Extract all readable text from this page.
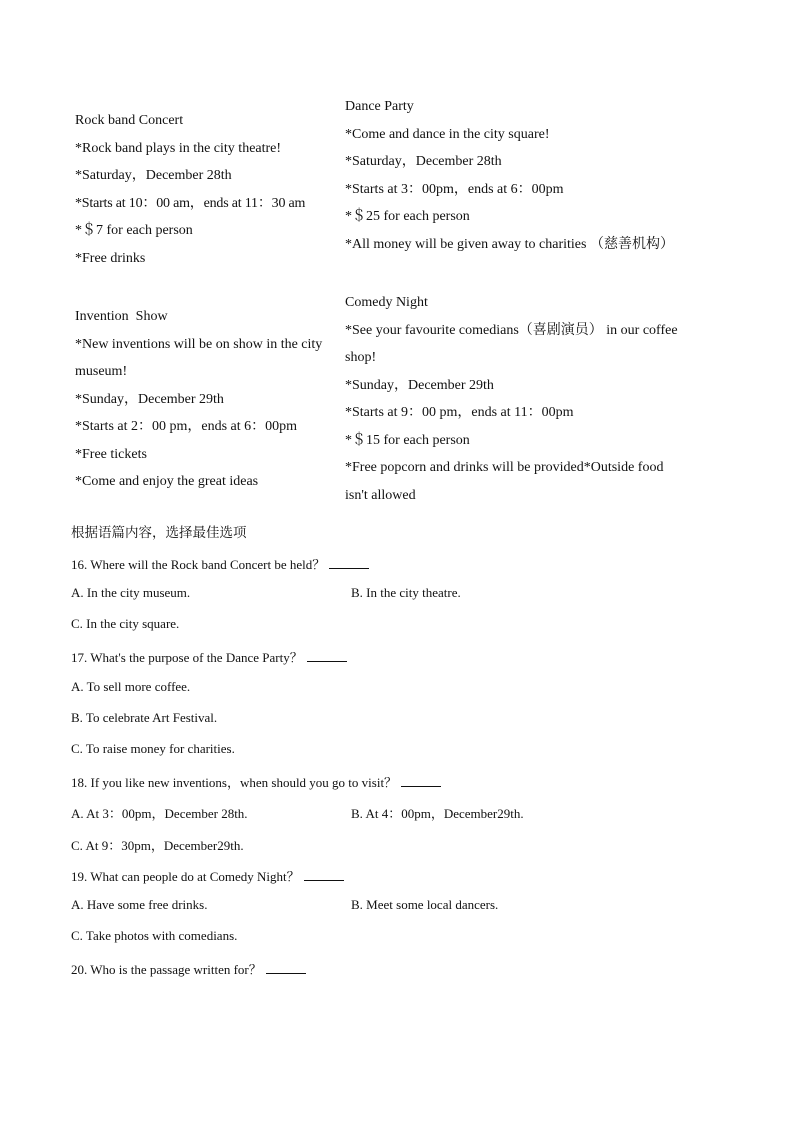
Rock band Concert
*Rock band plays in the city theatre!
*Saturday，December 28th
*Starts at 10：00 am，ends at 11：30 am
*＄7 for each person
*Free drinks
Dance Party
*Come and dance in the city square!
*Saturday，December 28th
*Starts at 3：00pm，ends at 6：00pm
*＄25 for each person
*All money will be given away to charities （慈善机构）
Invention  Show
*New inventions will be on show in the city museum!
*Sunday，December 29th
*Starts at 2：00 pm，ends at 6：00pm
*Free tickets
*Come and enjoy the great ideas
Comedy Night
*See your favourite comedians（喜剧演员） in our coffee shop!
*Sunday，December 29th
*Starts at 9：00 pm，ends at 11：00pm
*＄15 for each person
*Free popcorn and drinks will be provided*Outside food isn't allowed
根据语篇内容，选择最佳选项
16. Where will the Rock band Concert be held？
A. In the city museum.	B. In the city theatre.
C. In the city square.
17. What's the purpose of the Dance Party？
A. To sell more coffee.
B. To celebrate Art Festival.
C. To raise money for charities.
18. If you like new inventions，when should you go to visit？
A. At 3：00pm，December 28th.	B. At 4：00pm，December29th.
C. At 9：30pm，December29th.
19. What can people do at Comedy Night？
A. Have some free drinks.	B. Meet some local dancers.
C. Take photos with comedians.
20. Who is the passage written for？
